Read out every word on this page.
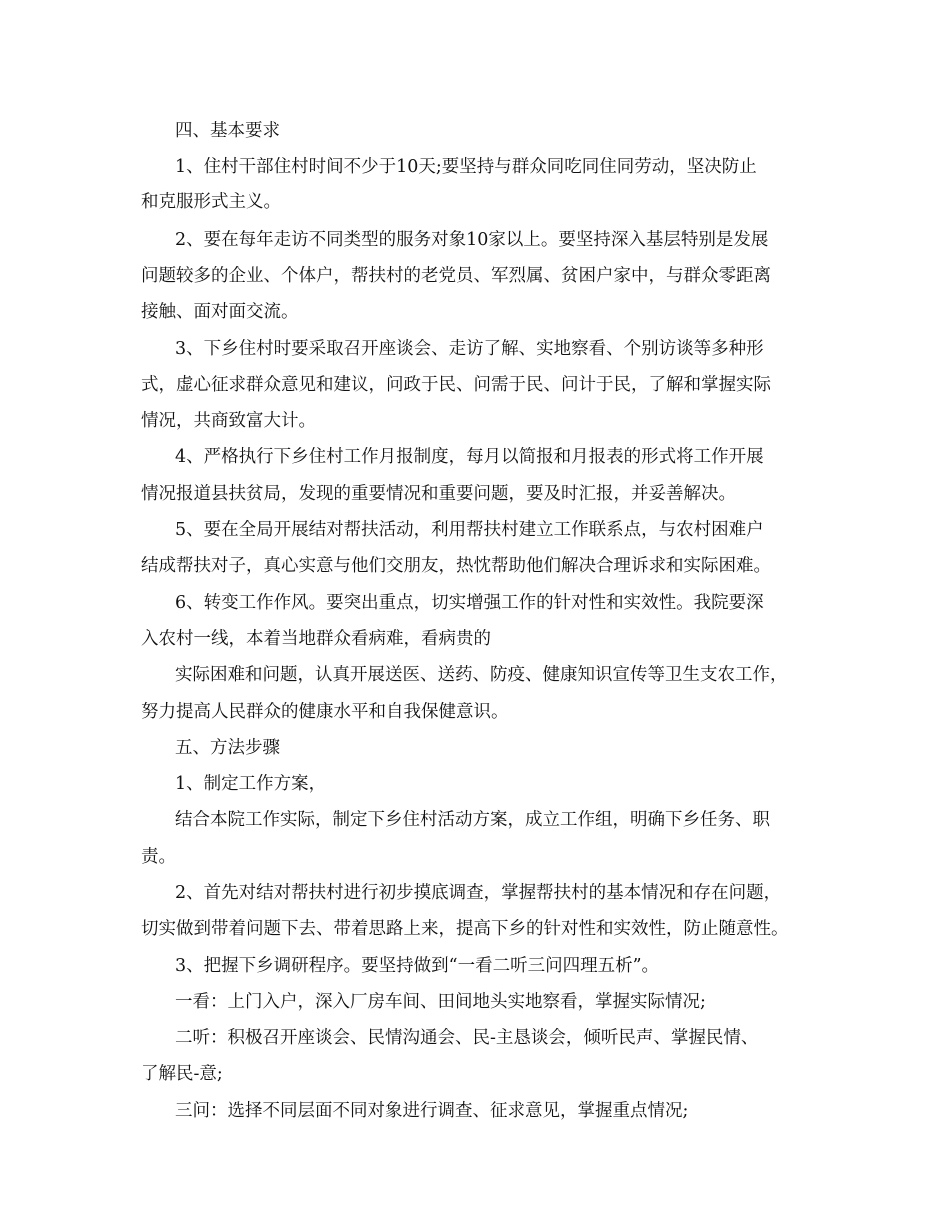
四、基本要求
1、住村干部住村时间不少于10天;要坚持与群众同吃同住同劳动，坚决防止
和克服形式主义。
2、要在每年走访不同类型的服务对象10家以上。要坚持深入基层特别是发展
问题较多的企业、个体户，帮扶村的老党员、军烈属、贫困户家中，与群众零距离
接触、面对面交流。
3、下乡住村时要采取召开座谈会、走访了解、实地察看、个别访谈等多种形
式，虚心征求群众意见和建议，问政于民、问需于民、问计于民，了解和掌握实际
情况，共商致富大计。
4、严格执行下乡住村工作月报制度，每月以简报和月报表的形式将工作开展
情况报道县扶贫局，发现的重要情况和重要问题，要及时汇报，并妥善解决。
5、要在全局开展结对帮扶活动，利用帮扶村建立工作联系点，与农村困难户
结成帮扶对子，真心实意与他们交朋友，热忱帮助他们解决合理诉求和实际困难。
6、转变工作作风。要突出重点，切实增强工作的针对性和实效性。我院要深
入农村一线，本着当地群众看病难，看病贵的
实际困难和问题，认真开展送医、送药、防疫、健康知识宣传等卫生支农工作，
努力提高人民群众的健康水平和自我保健意识。
五、方法步骤
1、制定工作方案，
结合本院工作实际，制定下乡住村活动方案，成立工作组，明确下乡任务、职
责。
2、首先对结对帮扶村进行初步摸底调查，掌握帮扶村的基本情况和存在问题，
切实做到带着问题下去、带着思路上来，提高下乡的针对性和实效性，防止随意性。
3、把握下乡调研程序。要坚持做到“一看二听三问四理五析”。
一看：上门入户，深入厂房车间、田间地头实地察看，掌握实际情况;
二听：积极召开座谈会、民情沟通会、民-主恳谈会，倾听民声、掌握民情、
了解民-意;
三问：选择不同层面不同对象进行调查、征求意见，掌握重点情况;
